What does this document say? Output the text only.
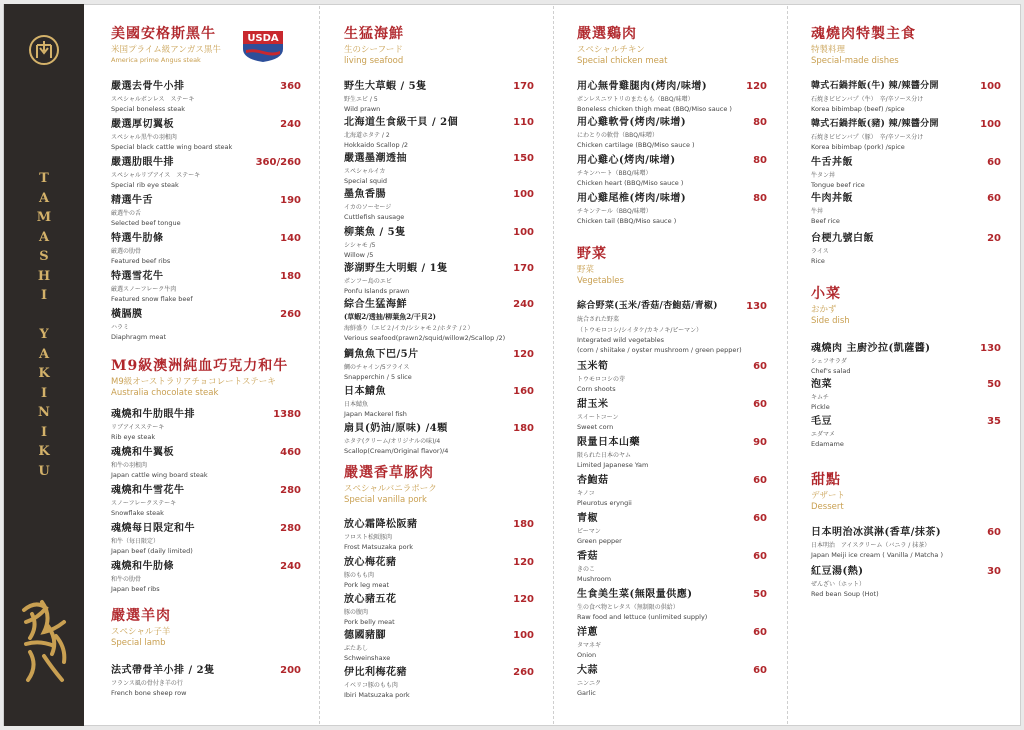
T
A
M
A
S
H
I
Y
A
K
I
N
I
K
U
USDA
美國安格斯黑牛
米国プライム級アンガス黒牛
America prime Angus steak
嚴選去骨牛小排
スペシャルボンレス　ステーキ
Special boneless steak
360
嚴選厚切翼板
スペシャル黒牛の羽根肉
Special black cattle wing board steak
240
嚴選肋眼牛排
スペシャルリブアイス　ステーキ
Special rib eye steak
360/260
精選牛舌
厳選牛の舌
Selected beef tongue
190
特選牛肋條
厳選の肋骨
Featured beef ribs
140
特選雪花牛
厳選スノーフレーク牛肉
Featured snow flake beef
180
橫膈膜
ハラミ
Diaphragm meat
260
M9級澳洲純血巧克力和牛
M9級オーストラリアチョコレートステーキ
Australia chocolate steak
魂燒和牛肋眼牛排
リブアイスステーキ
Rib eye steak
1380
魂燒和牛翼板
和牛の羽根肉
Japan cattle wing board steak
460
魂燒和牛雪花牛
スノーフレークステーキ
Snowflake steak
280
魂燒每日限定和牛
和牛（毎日限定）
Japan beef (daily limited)
280
魂燒和牛肋條
和牛の肋骨
Japan beef ribs
240
嚴選羊肉
スペシャル子羊
Special lamb
法式帶骨羊小排 / 2隻
フランス風の骨付き羊の行
French bone sheep row
200
生猛海鮮
生のシーフード
living seafood
野生大草蝦 / 5隻
野生エビ / 5
Wild prawn
170
北海道生食級干貝 / 2個
北海道ホタテ / 2
Hokkaido Scallop /2
110
嚴選墨潮透抽
スペシャルイカ
Special squid
150
墨魚香腸
イカのソーセージ
Cuttlefish sausage
100
柳葉魚 / 5隻
シシャモ /5
Willow /5
100
澎湖野生大明蝦 / 1隻
ポンフー島のエビ
Ponfu Islands prawn
170
綜合生猛海鮮
(草蝦2/透抽/柳葉魚2/干貝2)
海鮮盛り（エビ２/イカ/シシャモ２/ホタテ /２）
Verious seafood(prawn2/squid/willow2/Scallop /2)
240
鯛魚魚下巴/5片
鯛のチャイン/5フライス
Snapperchin / 5 slice
120
日本鯖魚
日本鯖魚
Japan Mackerel fish
160
扇貝(奶油/原味) /4顆
ホタテ(クリーム/オリジナルの味)/4
Scallop(Cream/Original flavor)/4
180
嚴選香草豚肉
スペシャルバニラポーク
Special vanilla pork
放心霜降松阪豬
フロスト松阪豚肉
Frost Matsuzaka pork
180
放心梅花豬
豚のもも肉
Pork leg meat
120
放心豬五花
豚の腹肉
Pork belly meat
120
德國豬腳
ぶたあし
Schweinshaxe
100
伊比利梅花豬
イベリコ豚のもも肉
Ibiri Matsuzaka pork
260
嚴選鷄肉
スペシャルチキン
Special chicken meat
用心無骨雞腿肉(烤肉/味增)
ボンレスニワトリのまたもも（BBQ/味噌）
Boneless chicken thigh meat (BBQ/Miso sauce )
120
用心雞軟骨(烤肉/味增)
にわとりの軟骨（BBQ/味噌）
Chicken cartilage (BBQ/Miso sauce )
80
用心雞心(烤肉/味增)
チキンハート（BBQ/味噌）
Chicken heart (BBQ/Miso sauce )
80
用心雞尾椎(烤肉/味增)
チキンテール（BBQ/味噌）
Chicken tail (BBQ/Miso sauce )
80
野菜
野菜
Vegetables
綜合野菜(玉米/香菇/杏鮑菇/青椒)
統合された野菜
（トウモロコシ/シイタケ/カキノキ/ピーマン）
Integrated wild vegetables
(corn / shiitake / oyster mushroom / green pepper)
130
玉米筍
トウモロコシの芽
Corn shoots
60
甜玉米
スイートコーン
Sweet corn
60
限量日本山藥
限られた日本のヤム
Limited Japanese Yam
90
杏鮑菇
キノコ
Pleurotus eryngii
60
青椒
ピーマン
Green pepper
60
香菇
きのこ
Mushroom
60
生食美生菜(無限量供應)
生の食べ物とレタス（無制限の供給）
Raw food and lettuce (unlimited supply)
50
洋蔥
タマネギ
Onion
60
大蒜
ニンニク
Garlic
60
魂燒肉特製主食
特製料理
Special-made dishes
韓式石鍋拌飯(牛) 辣/辣醬分開
石焼きビビンバプ（牛）　辛/辛ソース分け
Korea bibimbap (beef) /spice
100
韓式石鍋拌飯(豬) 辣/辣醬分開
石焼きビビンバプ（豚）　辛/辛ソース分け
Korea bibimbap (pork) /spice
100
牛舌丼飯
牛タン丼
Tongue beef rice
60
牛肉丼飯
牛丼
Beef rice
60
台梗九號白飯
ライス
Rice
20
小菜
おかず
Side dish
魂燒肉 主廚沙拉(凱薩醬)
シェフサラダ
Chef's salad
130
泡菜
キムチ
Pickle
50
毛豆
エダマメ
Edamame
35
甜點
デザート
Dessert
日本明治冰淇淋(香草/抹茶)
日本明治　アイスクリーム（バニラ / 抹茶）
Japan Meiji ice cream ( Vanilla / Matcha )
60
紅豆湯(熱)
ぜんざい（ホット）
Red bean Soup (Hot)
30
